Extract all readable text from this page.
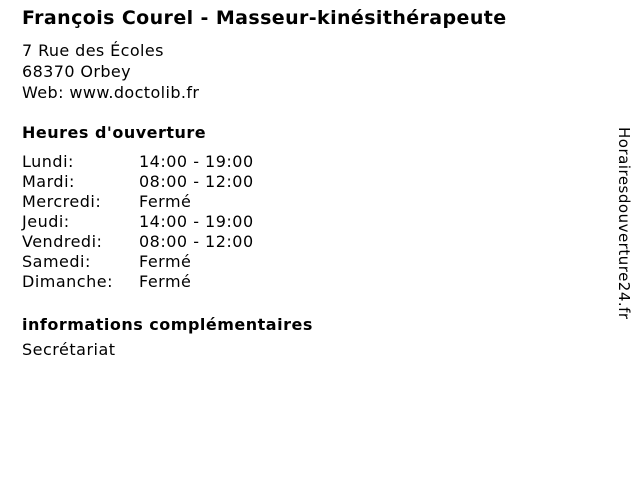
François Courel - Masseur-kinésithérapeute
7 Rue des Écoles
68370 Orbey
Web: www.doctolib.fr
Heures d'ouverture
Lundi:	14:00 - 19:00
Mardi:	08:00 - 12:00
Mercredi:	Fermé
Jeudi:	14:00 - 19:00
Vendredi:	08:00 - 12:00
Samedi:	Fermé
Dimanche:	Fermé
informations complémentaires
Secrétariat
Horairesdouverture24.fr
